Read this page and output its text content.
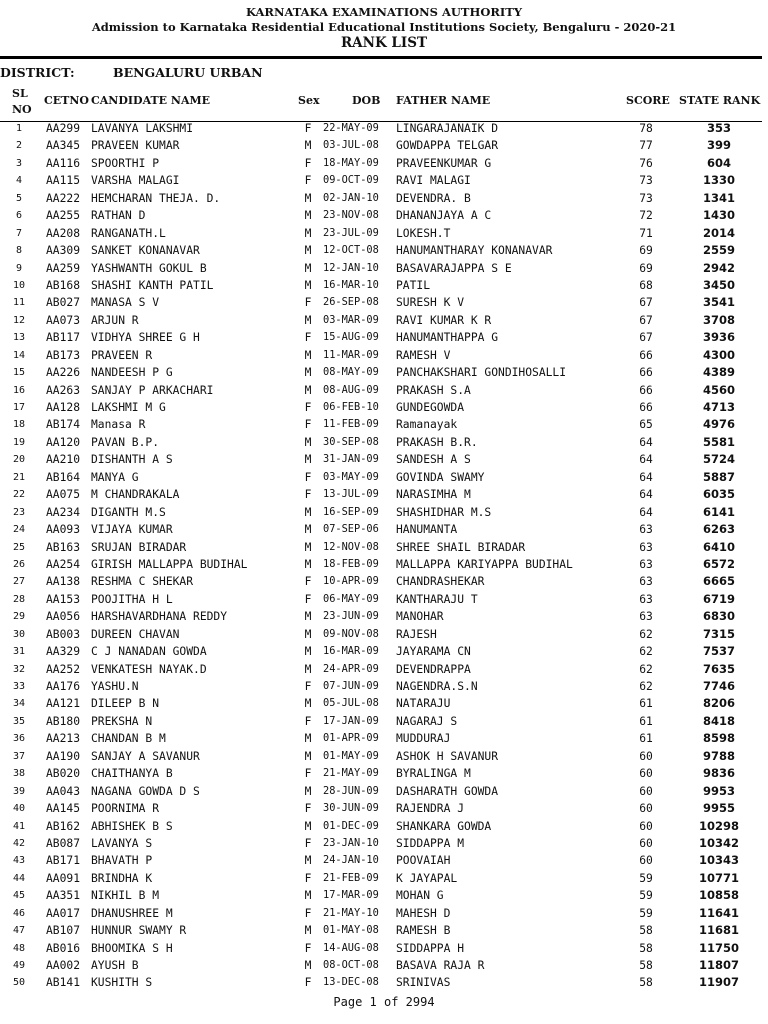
KARNATAKA EXAMINATIONS AUTHORITY
Admission to Karnataka Residential Educational Institutions Society, Bengaluru - 2020-21
RANK LIST
DISTRICT:	BENGALURU URBAN
SL
NO
CETNO CANDIDATE NAME	Sex	DOB FATHER NAME	SCORE STATE RANK
1	AA299 LAVANYA LAKSHMI	F	22-MAY-09 LINGARAJANAIK D	78	353
2	AA345 PRAVEEN KUMAR	M	03-JUL-08 GOWDAPPA TELGAR	77	399
3	AA116 SPOORTHI P	F	18-MAY-09 PRAVEENKUMAR G	76	604
4	AA115 VARSHA MALAGI	F	09-OCT-09 RAVI MALAGI	73	1330
5	AA222 HEMCHARAN THEJA. D.	M	02-JAN-10 DEVENDRA. B	73	1341
6	AA255 RATHAN D	M	23-NOV-08 DHANANJAYA A C	72	1430
7	AA208 RANGANATH.L	M	23-JUL-09 LOKESH.T	71	2014
8	AA309 SANKET KONANAVAR	M	12-OCT-08 HANUMANTHARAY KONANAVAR	69	2559
9	AA259 YASHWANTH GOKUL B	M	12-JAN-10 BASAVARAJAPPA S E	69	2942
10	AB168 SHASHI KANTH PATIL	M	16-MAR-10 PATIL	68	3450
11	AB027 MANASA S V	F	26-SEP-08 SURESH K V	67	3541
12	AA073 ARJUN R	M	03-MAR-09 RAVI KUMAR K R	67	3708
13	AB117 VIDHYA SHREE G H	F	15-AUG-09 HANUMANTHAPPA G	67	3936
14	AB173 PRAVEEN R	M	11-MAR-09 RAMESH V	66	4300
15	AA226 NANDEESH P G	M	08-MAY-09 PANCHAKSHARI GONDIHOSALLI	66	4389
16	AA263 SANJAY P ARKACHARI	M	08-AUG-09 PRAKASH S.A	66	4560
17	AA128 LAKSHMI M G	F	06-FEB-10 GUNDEGOWDA	66	4713
18	AB174 Manasa R	F	11-FEB-09 Ramanayak	65	4976
19	AA120 PAVAN B.P.	M	30-SEP-08 PRAKASH B.R.	64	5581
20	AA210 DISHANTH A S	M	31-JAN-09 SANDESH A S	64	5724
21	AB164 MANYA G	F	03-MAY-09 GOVINDA SWAMY	64	5887
22	AA075 M CHANDRAKALA	F	13-JUL-09 NARASIMHA M	64	6035
23	AA234 DIGANTH M.S	M	16-SEP-09 SHASHIDHAR M.S	64	6141
24	AA093 VIJAYA KUMAR	M	07-SEP-06 HANUMANTA	63	6263
25	AB163 SRUJAN BIRADAR	M	12-NOV-08 SHREE SHAIL BIRADAR	63	6410
26	AA254 GIRISH MALLAPPA BUDIHAL	M	18-FEB-09 MALLAPPA KARIYAPPA BUDIHAL	63	6572
27	AA138 RESHMA C SHEKAR	F	10-APR-09 CHANDRASHEKAR	63	6665
28	AA153 POOJITHA H L	F	06-MAY-09 KANTHARAJU T	63	6719
29	AA056 HARSHAVARDHANA REDDY	M	23-JUN-09 MANOHAR	63	6830
30	AB003 DUREEN CHAVAN	M	09-NOV-08 RAJESH	62	7315
31	AA329 C J NANADAN GOWDA	M	16-MAR-09 JAYARAMA CN	62	7537
32	AA252 VENKATESH NAYAK.D	M	24-APR-09 DEVENDRAPPA	62	7635
33	AA176 YASHU.N	F	07-JUN-09 NAGENDRA.S.N	62	7746
34	AA121 DILEEP B N	M	05-JUL-08 NATARAJU	61	8206
35	AB180 PREKSHA N	F	17-JAN-09 NAGARAJ S	61	8418
36	AA213 CHANDAN B M	M	01-APR-09 MUDDURAJ	61	8598
37	AA190 SANJAY A SAVANUR	M	01-MAY-09 ASHOK H SAVANUR	60	9788
38	AB020 CHAITHANYA B	F	21-MAY-09 BYRALINGA M	60	9836
39	AA043 NAGANA GOWDA D S	M	28-JUN-09 DASHARATH GOWDA	60	9953
40	AA145 POORNIMA R	F	30-JUN-09 RAJENDRA J	60	9955
41	AB162 ABHISHEK B S	M	01-DEC-09 SHANKARA GOWDA	60	10298
42	AB087 LAVANYA S	F	23-JAN-10 SIDDAPPA M	60	10342
43	AB171 BHAVATH P	M	24-JAN-10 POOVAIAH	60	10343
44	AA091 BRINDHA K	F	21-FEB-09 K JAYAPAL	59	10771
45	AA351 NIKHIL B M	M	17-MAR-09 MOHAN G	59	10858
46	AA017 DHANUSHREE M	F	21-MAY-10 MAHESH D	59	11641
47	AB107 HUNNUR SWAMY R	M	01-MAY-08 RAMESH B	58	11681
48	AB016 BHOOMIKA S H	F	14-AUG-08 SIDDAPPA H	58	11750
49	AA002 AYUSH B	M	08-OCT-08 BASAVA RAJA R	58	11807
50	AB141 KUSHITH S	F	13-DEC-08 SRINIVAS	58	11907
Page 1 of 2994
